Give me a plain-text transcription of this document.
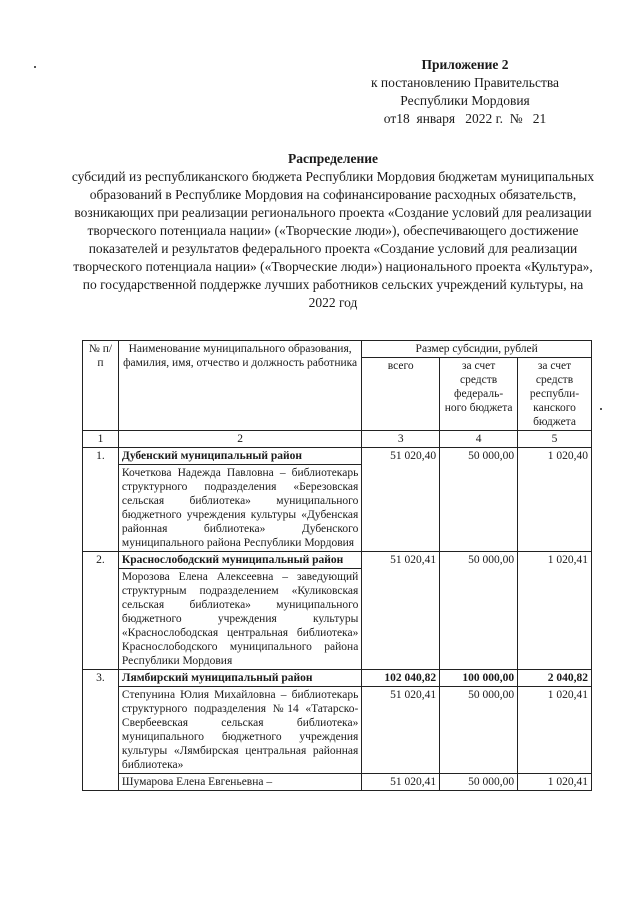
Приложение 2
к постановлению Правительства
Республики Мордовия
от18  января   2022 г.  №   21
Распределение
субсидий из республиканского бюджета Республики Мордовия бюджетам муниципальных образований в Республике Мордовия на софинансирование расходных обязательств, возникающих при реализации регионального проекта «Создание условий для реализации творческого потенциала нации» («Творческие люди»), обеспечивающего достижение показателей и результатов федерального проекта «Создание условий для реализации творческого потенциала нации» («Творческие люди») национального проекта «Культура», по государственной поддержке лучших работников сельских учреждений культуры, на 2022 год
№ п/п	Наименование муниципального образования, фамилия, имя, отчество и должность работника	Размер субсидии, рублей		
		всего	за счет средств федераль-ного бюджета	за счет средств республи-канского бюджета
1	2	3	4	5
1.	Дубенский муниципальный район	51 020,40	50 000,00	1 020,40
	Кочеткова Надежда Павловна – библиотекарь структурного подразделения «Березовская сельская библиотека» муниципального бюджетного учреждения культуры «Дубенская районная библиотека» Дубенского муниципального района Республики Мордовия			
2.	Краснослободский муниципальный район	51 020,41	50 000,00	1 020,41
	Морозова Елена Алексеевна – заведующий структурным подразделением «Куликовская сельская библиотека» муниципального бюджетного учреждения культуры «Краснослободская центральная библиотека» Краснослободского муниципального района Республики Мордовия			
3.	Лямбирский муниципальный район	102 040,82	100 000,00	2 040,82
	Степунина Юлия Михайловна – библиотекарь структурного подразделения №14 «Татарско-Свербеевская сельская библиотека» муниципального бюджетного учреждения культуры «Лямбирская центральная районная библиотека»	51 020,41	50 000,00	1 020,41
	Шумарова Елена Евгеньевна –	51 020,41	50 000,00	1 020,41
